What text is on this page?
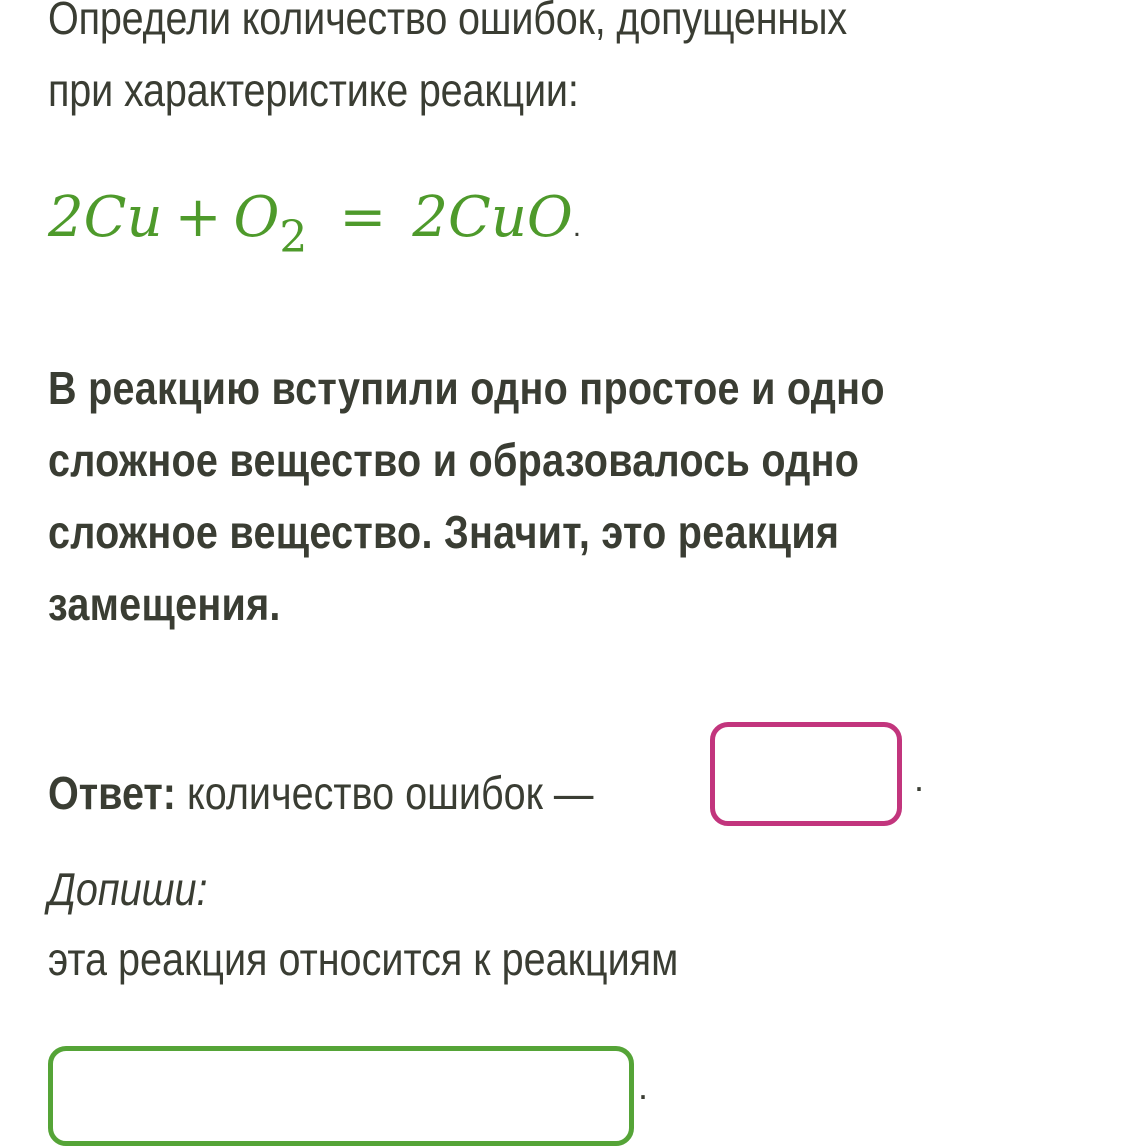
Определи количество ошибок, допущенных
при характеристике реакции:
$2Cu + O_2 = 2CuO$.
В реакцию вступили одно простое и одно
сложное вещество и образовалось одно
сложное вещество. Значит, это реакция
замещения.
Ответ: количество ошибок —	.
Допиши:
эта реакция относится к реакциям
.
